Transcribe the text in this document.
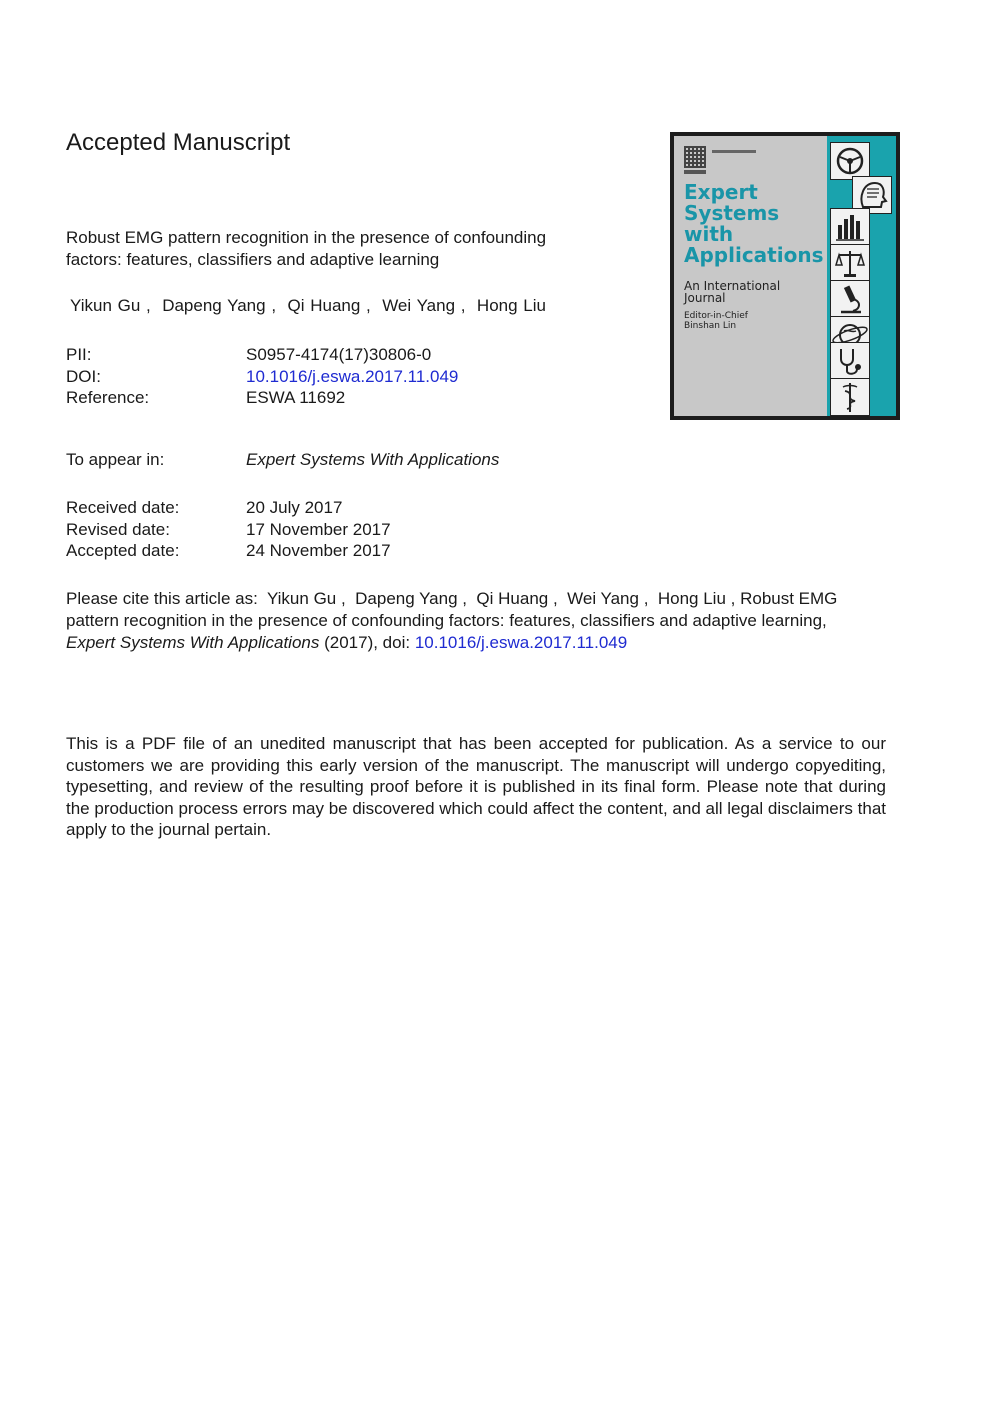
Accepted Manuscript
Robust EMG pattern recognition in the presence of confounding
factors: features, classifiers and adaptive learning
Yikun Gu ,  Dapeng Yang ,  Qi Huang ,  Wei Yang ,  Hong Liu
PII:	S0957-4174(17)30806-0
DOI:	10.1016/j.eswa.2017.11.049
Reference:	ESWA 11692
To appear in:	Expert Systems With Applications
Received date:	20 July 2017
Revised date:	17 November 2017
Accepted date:	24 November 2017
Please cite this article as:  Yikun Gu ,  Dapeng Yang ,  Qi Huang ,  Wei Yang ,  Hong Liu , Robust EMG
pattern recognition in the presence of confounding factors: features, classifiers and adaptive learning,
Expert Systems With Applications (2017), doi: 10.1016/j.eswa.2017.11.049
This is a PDF file of an unedited manuscript that has been accepted for publication. As a service to our customers we are providing this early version of the manuscript. The manuscript will undergo copyediting, typesetting, and review of the resulting proof before it is published in its final form. Please note that during the production process errors may be discovered which could affect the content, and all legal disclaimers that apply to the journal pertain.
Expert
Systems
with
Applications
An International
Journal
Editor-in-Chief
Binshan Lin
